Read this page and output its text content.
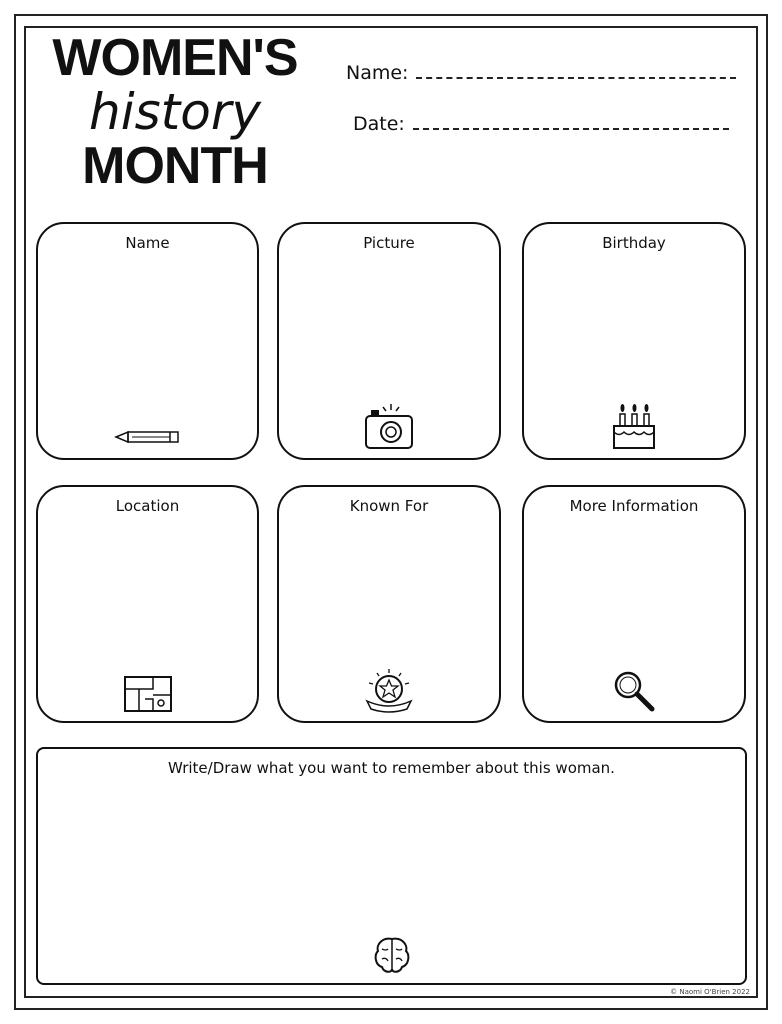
WOMEN'S
history
MONTH
Name:
Date:
Name	Picture	Birthday
Location	Known For	More Information
Write/Draw what you want to remember about this woman.
© Naomi O'Brien 2022
